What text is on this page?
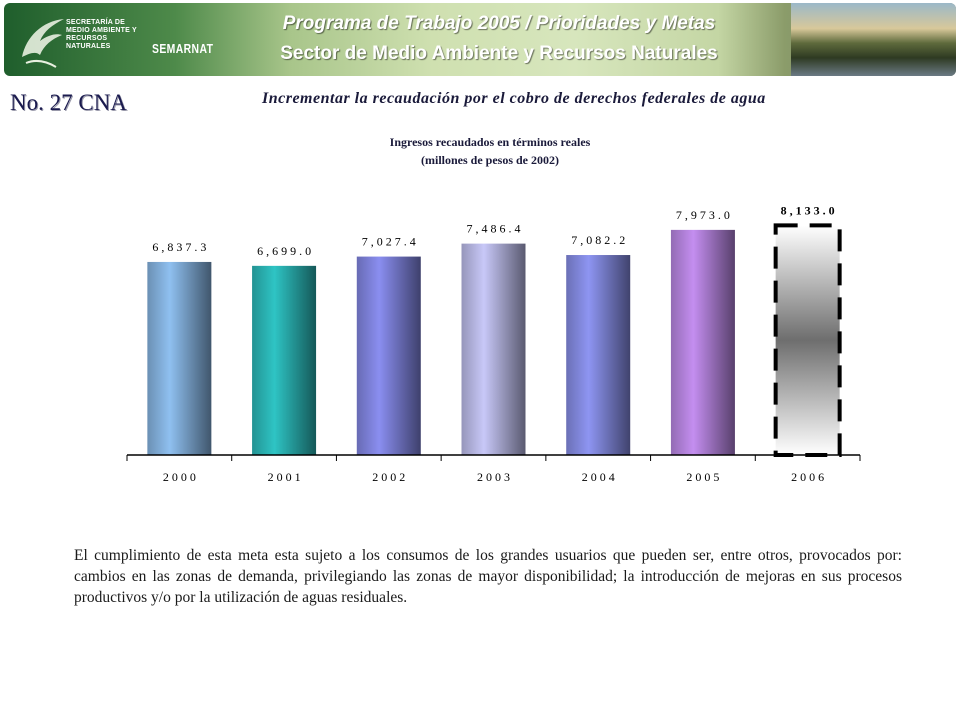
SECRETARÍA DE MEDIO AMBIENTE Y RECURSOS NATURALES	SEMARNAT
Programa de Trabajo 2005 / Prioridades y Metas
Sector de Medio Ambiente y Recursos Naturales
No. 27 CNA	Incrementar la recaudación por el cobro de derechos federales de agua
Ingresos recaudados en términos reales
(millones de pesos de 2002)
6 , 8 3 7 . 3
2 0 0 0
6 , 6 9 9 . 0
2 0 0 1
7 , 0 2 7 . 4
2 0 0 2
7 , 4 8 6 . 4
2 0 0 3
7 , 0 8 2 . 2
2 0 0 4
7 , 9 7 3 . 0
2 0 0 5
8 , 1 3 3 . 0
2 0 0 6

El cumplimiento de esta meta esta sujeto a los consumos de los grandes usuarios que pueden ser, entre otros, provocados por: cambios en las zonas de demanda, privilegiando las zonas de mayor disponibilidad; la introducción de mejoras en sus procesos productivos y/o por la utilización de aguas residuales.
